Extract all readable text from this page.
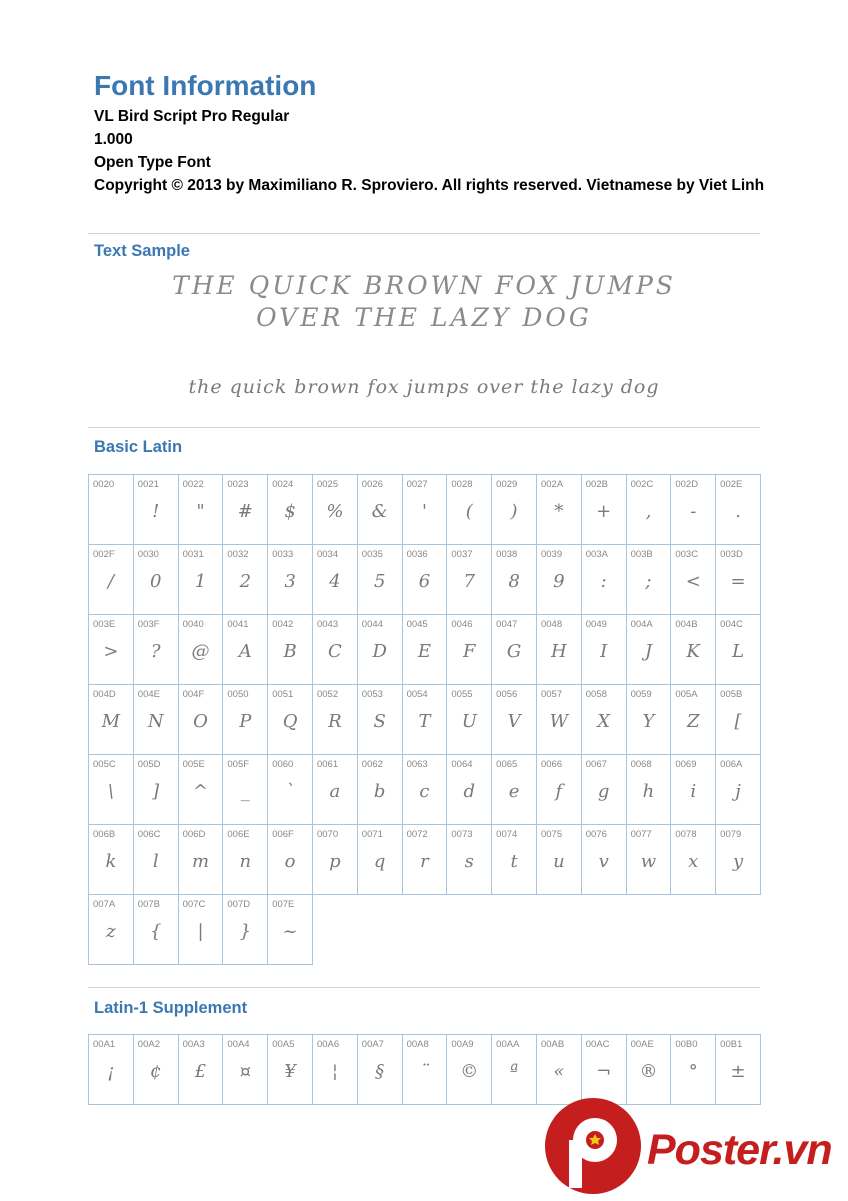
Font Information
VL Bird Script Pro Regular
1.000
Open Type Font
Copyright © 2013 by Maximiliano R. Sproviero. All rights reserved. Vietnamese by Viet Linh
Text Sample
THE QUICK BROWN FOX JUMPS OVER THE LAZY DOG
the quick brown fox jumps over the lazy dog
Basic Latin
0020 0021
!
0022
"
0023
#
0024
$
0025
%
0026
&
0027
'
0028
(
0029
)
002A
*
002B
+
002C
,
002D
-
002E
.
002F
/
0030
0
0031
1
0032
2
0033
3
0034
4
0035
5
0036
6
0037
7
0038
8
0039
9
003A
:
003B
;
003C
<
003D
=
003E
>
003F
?
0040
@
0041
A
0042
B
0043
C
0044
D
0045
E
0046
F
0047
G
0048
H
0049
I
004A
J
004B
K
004C
L
004D
M
004E
N
004F
O
0050
P
0051
Q
0052
R
0053
S
0054
T
0055
U
0056
V
0057
W
0058
X
0059
Y
005A
Z
005B
[
005C
\
005D
]
005E
^
005F
_
0060
`
0061
a
0062
b
0063
c
0064
d
0065
e
0066
f
0067
g
0068
h
0069
i
006A
j
006B
k
006C
l
006D
m
006E
n
006F
o
0070
p
0071
q
0072
r
0073
s
0074
t
0075
u
0076
v
0077
w
0078
x
0079
y
007A
z
007B
{
007C
|
007D
}
007E
~
Latin-1 Supplement
00A1
¡
00A2
¢
00A3
£
00A4
¤
00A5
¥
00A6
¦
00A7
§
00A8
¨
00A9
©
00AA
ª
00AB
«
00AC
¬
00AE
®
00B0
°
00B1
±
Poster.vn
